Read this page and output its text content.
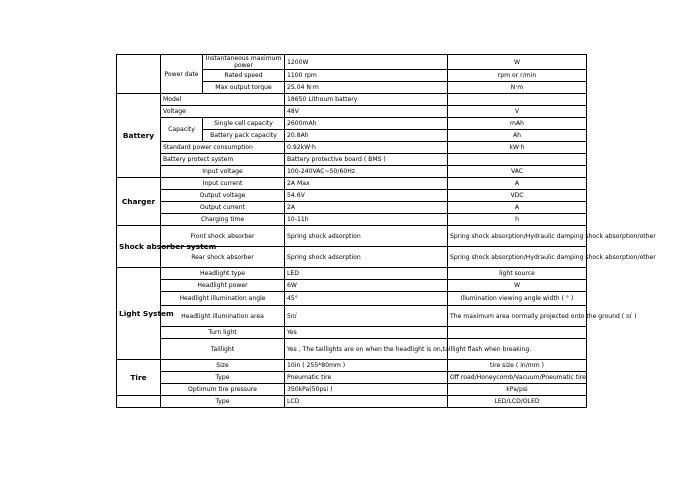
	Power date	Instantaneous maximum power	1200W	W
		Rated speed	1100 rpm	rpm or r/min
		Max output torque	25.04 N·m	N·m
Battery	Model		18650 Lithoum battery	
	Voltage		48V	V
	Capacity	Single cell capacity	2600mAh	mAh
		Battery pack capacity	20.8Ah	Ah
	Standard power consumption		0.92kW·h	kW·h
	Battery protect system		Battery protective board ( BMS )	
	Input voltage		100-240VAC~50/60Hz	VAC
Charger	Input current		2A Max	A
	Output voltage		54.6V	VDC
	Output current		2A	A
	Charging time		10-11h	h
Shock absorber system	Front shock absorber		Spring shock adsorption	Spring shock absorption/Hydraulic damping shock absorption/other
	Rear shock absorber		Spring shock adsorption	Spring shock absorption/Hydraulic damping shock absorption/other
Light System	Headlight type		LED	light source
	Headlight power		6W	W
	Headlight illumination angle		45°	Illumination viewing angle width ( ° )
	Headlight illumination area		5㎡	The maximum area normally projected onto the ground ( ㎡ )
	Turn light		Yes	
	Taillight		Yes , The taillights are on when the headlight is on,taillight flash when breaking.	
Tire	Size		10in ( 255*80mm )	tire size ( in/mm )
	Type		Pneumatic tire	Off road/Honeycomb/Vacuum/Pneumatic tire
	Optimum tire pressure		350kPa(50psi )	kPa/psi
	Type		LCD	LED/LCD/OLED
